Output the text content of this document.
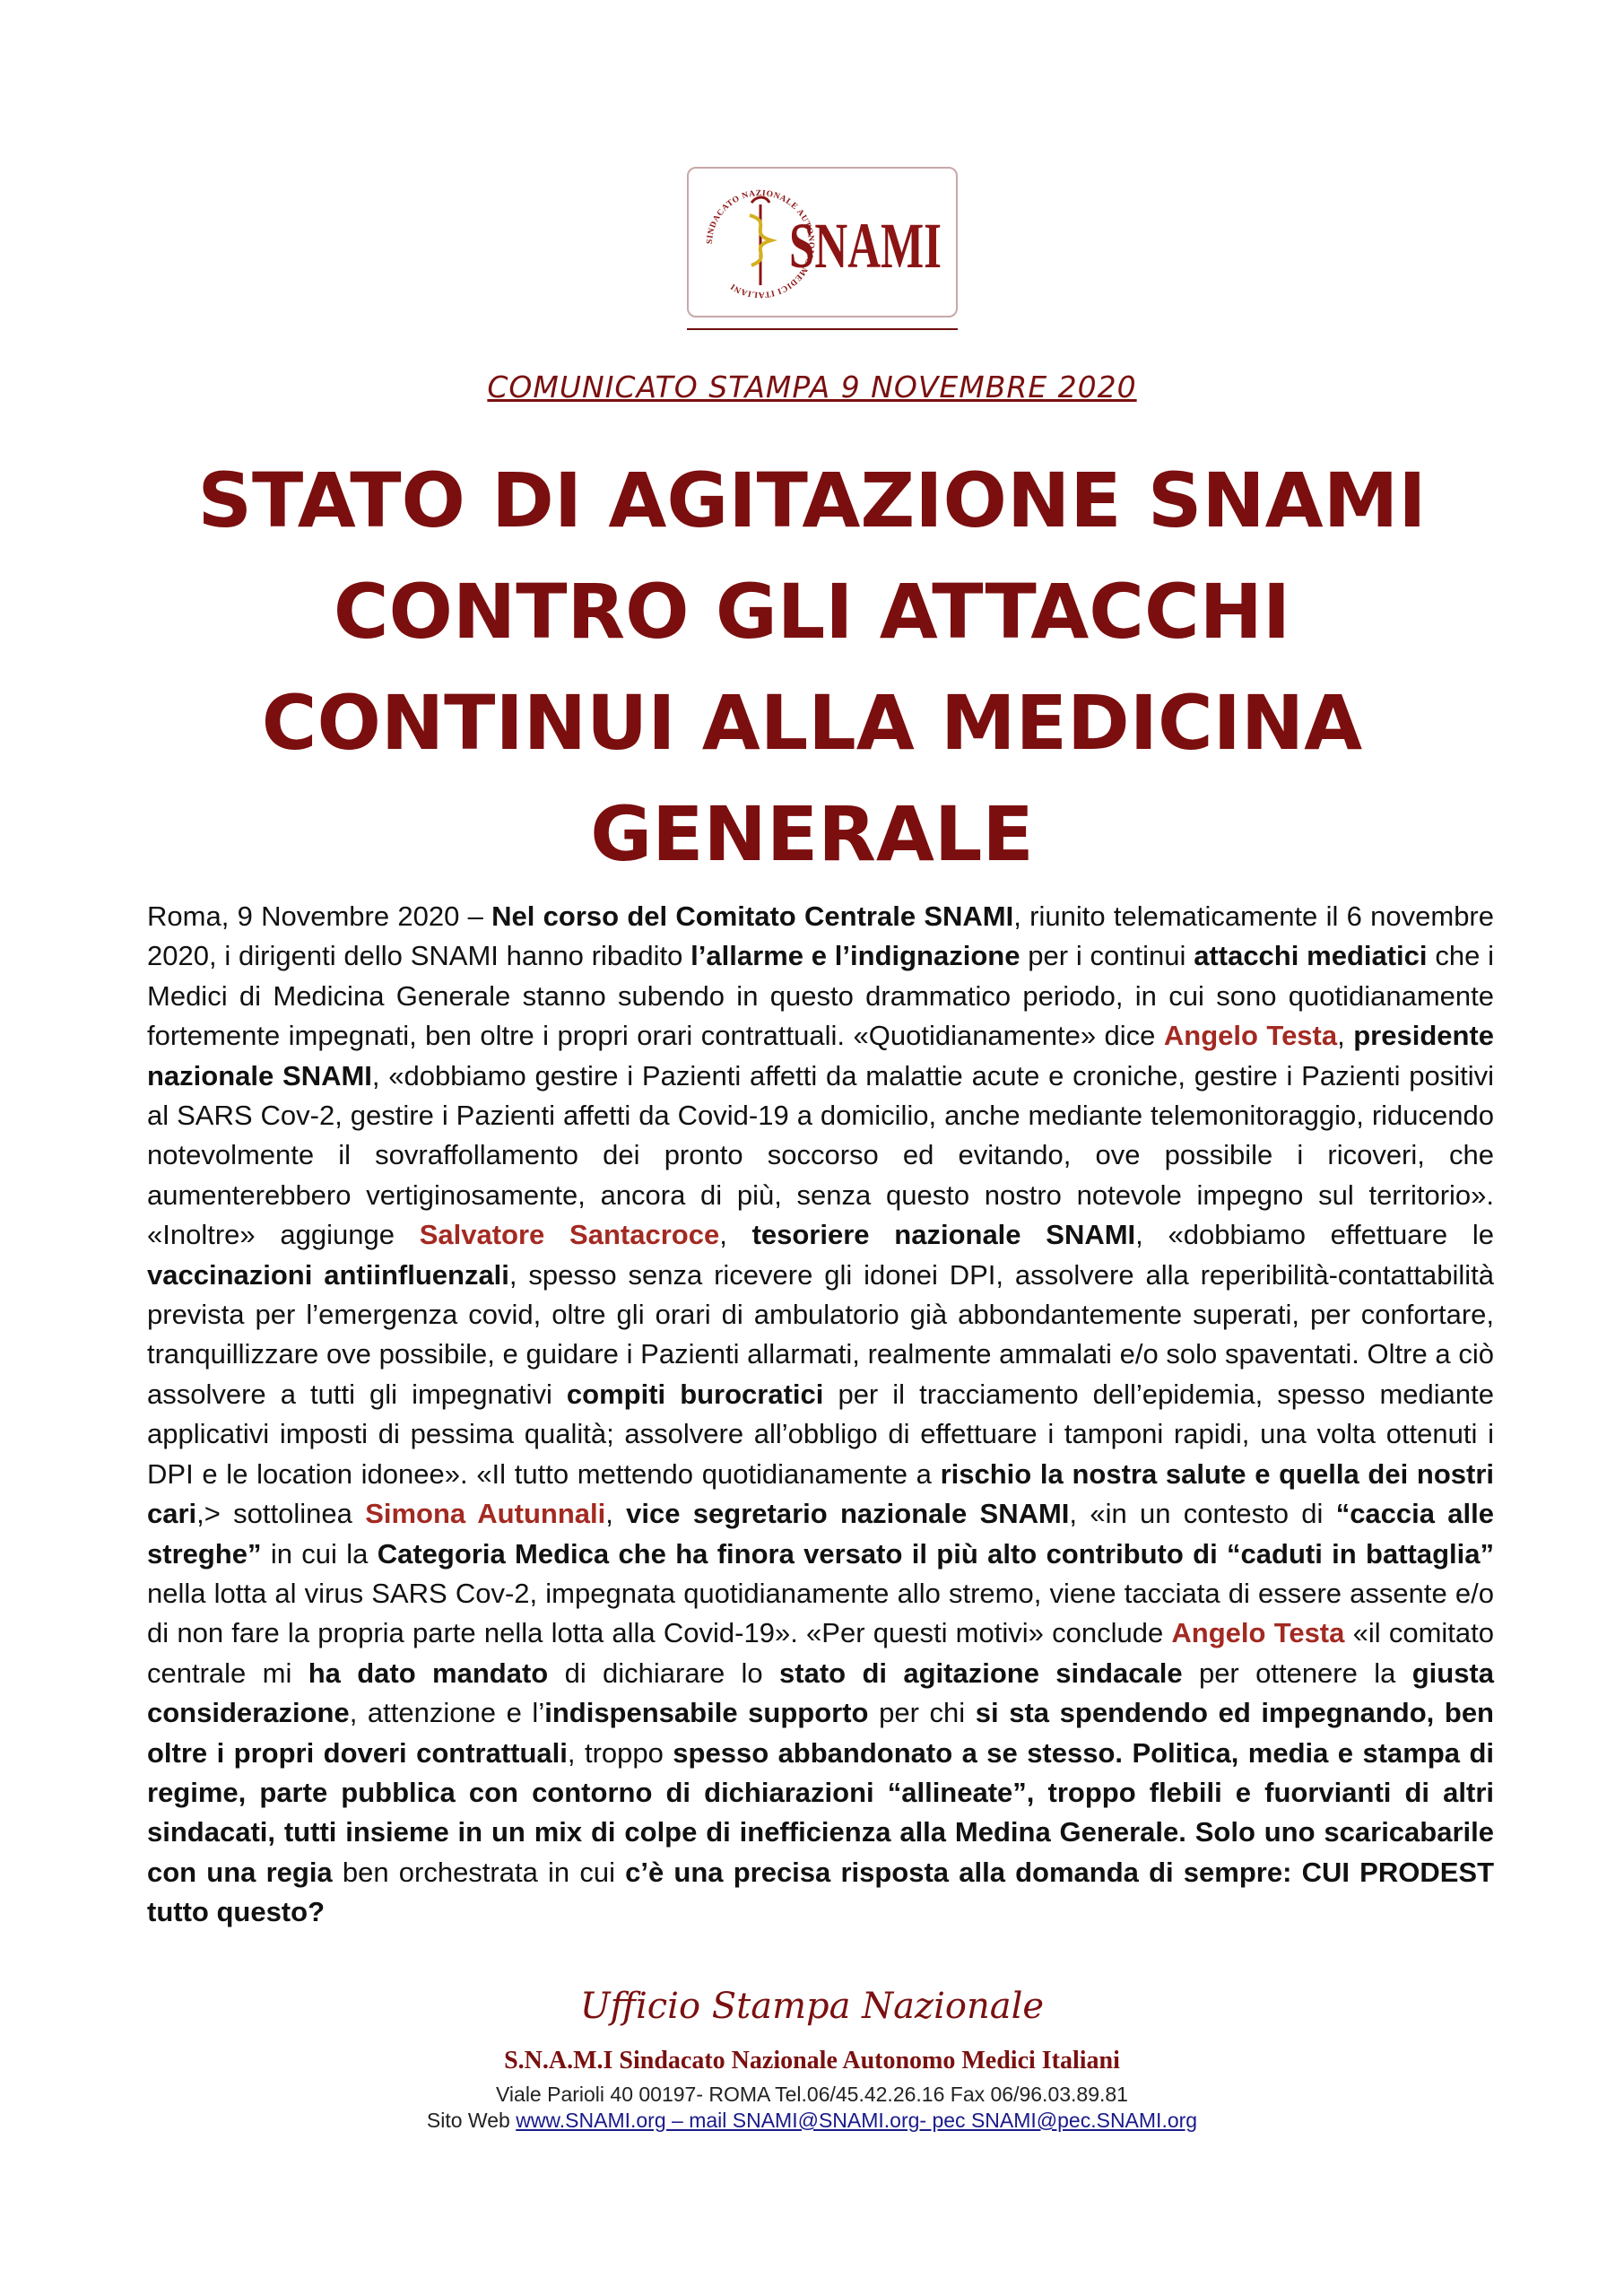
SINDACATO NAZIONALE AUTONOMO MEDICI ITALIANI
SNAMI
COMUNICATO STAMPA 9 NOVEMBRE 2020
STATO DI AGITAZIONE SNAMI
CONTRO GLI ATTACCHI
CONTINUI ALLA MEDICINA
GENERALE

Roma, 9 Novembre 2020 – Nel corso del Comitato Centrale SNAMI, riunito telematicamente il 6 novembre 2020, i dirigenti dello SNAMI hanno ribadito l’allarme e l’indignazione per i continui attacchi mediatici che i Medici di Medicina Generale stanno subendo in questo drammatico periodo, in cui sono quotidianamente fortemente impegnati, ben oltre i propri orari contrattuali. «Quotidianamente» dice Angelo Testa, presidente nazionale SNAMI, «dobbiamo gestire i Pazienti affetti da malattie acute e croniche, gestire i Pazienti positivi al SARS Cov-2, gestire i Pazienti affetti da Covid-19 a domicilio, anche mediante telemonitoraggio, riducendo notevolmente il sovraffollamento dei pronto soccorso ed evitando, ove possibile i ricoveri, che aumenterebbero vertiginosamente, ancora di più, senza questo nostro notevole impegno sul territorio». «Inoltre» aggiunge Salvatore Santacroce, tesoriere nazionale SNAMI, «dobbiamo effettuare le vaccinazioni antiinfluenzali, spesso senza ricevere gli idonei DPI, assolvere alla reperibilità-contattabilità prevista per l’emergenza covid, oltre gli orari di ambulatorio già abbondantemente superati, per confortare, tranquillizzare ove possibile, e guidare i Pazienti allarmati, realmente ammalati e/o solo spaventati. Oltre a ciò assolvere a tutti gli impegnativi compiti burocratici per il tracciamento dell’epidemia, spesso mediante applicativi imposti di pessima qualità; assolvere all’obbligo di effettuare i tamponi rapidi, una volta ottenuti i DPI e le location idonee». «Il tutto mettendo quotidianamente a rischio la nostra salute e quella dei nostri cari,> sottolinea Simona Autunnali, vice segretario nazionale SNAMI, «in un contesto di “caccia alle streghe” in cui la Categoria Medica che ha finora versato il più alto contributo di “caduti in battaglia” nella lotta al virus SARS Cov-2, impegnata quotidianamente allo stremo, viene tacciata di essere assente e/o di non fare la propria parte nella lotta alla Covid-19». «Per questi motivi» conclude Angelo Testa «il comitato centrale mi ha dato mandato di dichiarare lo stato di agitazione sindacale per ottenere la giusta considerazione, attenzione e l’indispensabile supporto per chi si sta spendendo ed impegnando, ben oltre i propri doveri contrattuali, troppo spesso abbandonato a se stesso. Politica, media e stampa di regime, parte pubblica con contorno di dichiarazioni “allineate”, troppo flebili e fuorvianti di altri sindacati, tutti insieme in un mix di colpe di inefficienza alla Medina Generale. Solo uno scaricabarile con una regia ben orchestrata in cui c’è una precisa risposta alla domanda di sempre: CUI PRODEST tutto questo?

Ufficio Stampa Nazionale
S.N.A.M.I Sindacato Nazionale Autonomo Medici Italiani
Viale Parioli 40 00197- ROMA Tel.06/45.42.26.16 Fax 06/96.03.89.81
Sito Web www.SNAMI.org – mail SNAMI@SNAMI.org- pec SNAMI@pec.SNAMI.org
